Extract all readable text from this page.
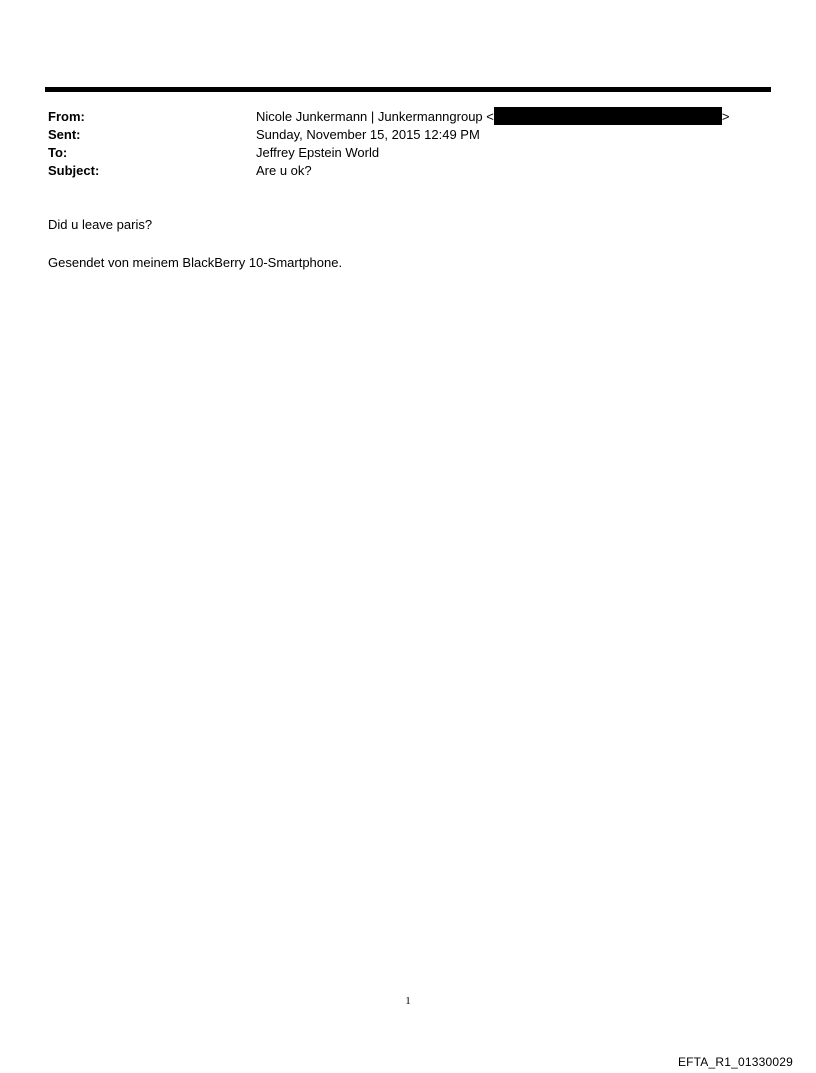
From:	Nicole Junkermann | Junkermanngroup <	>
Sent:	Sunday, November 15, 2015 12:49 PM
To:	Jeffrey Epstein World
Subject:	Are u ok?
Did u leave paris?
Gesendet von meinem BlackBerry 10-Smartphone.
1
EFTA_R1_01330029
